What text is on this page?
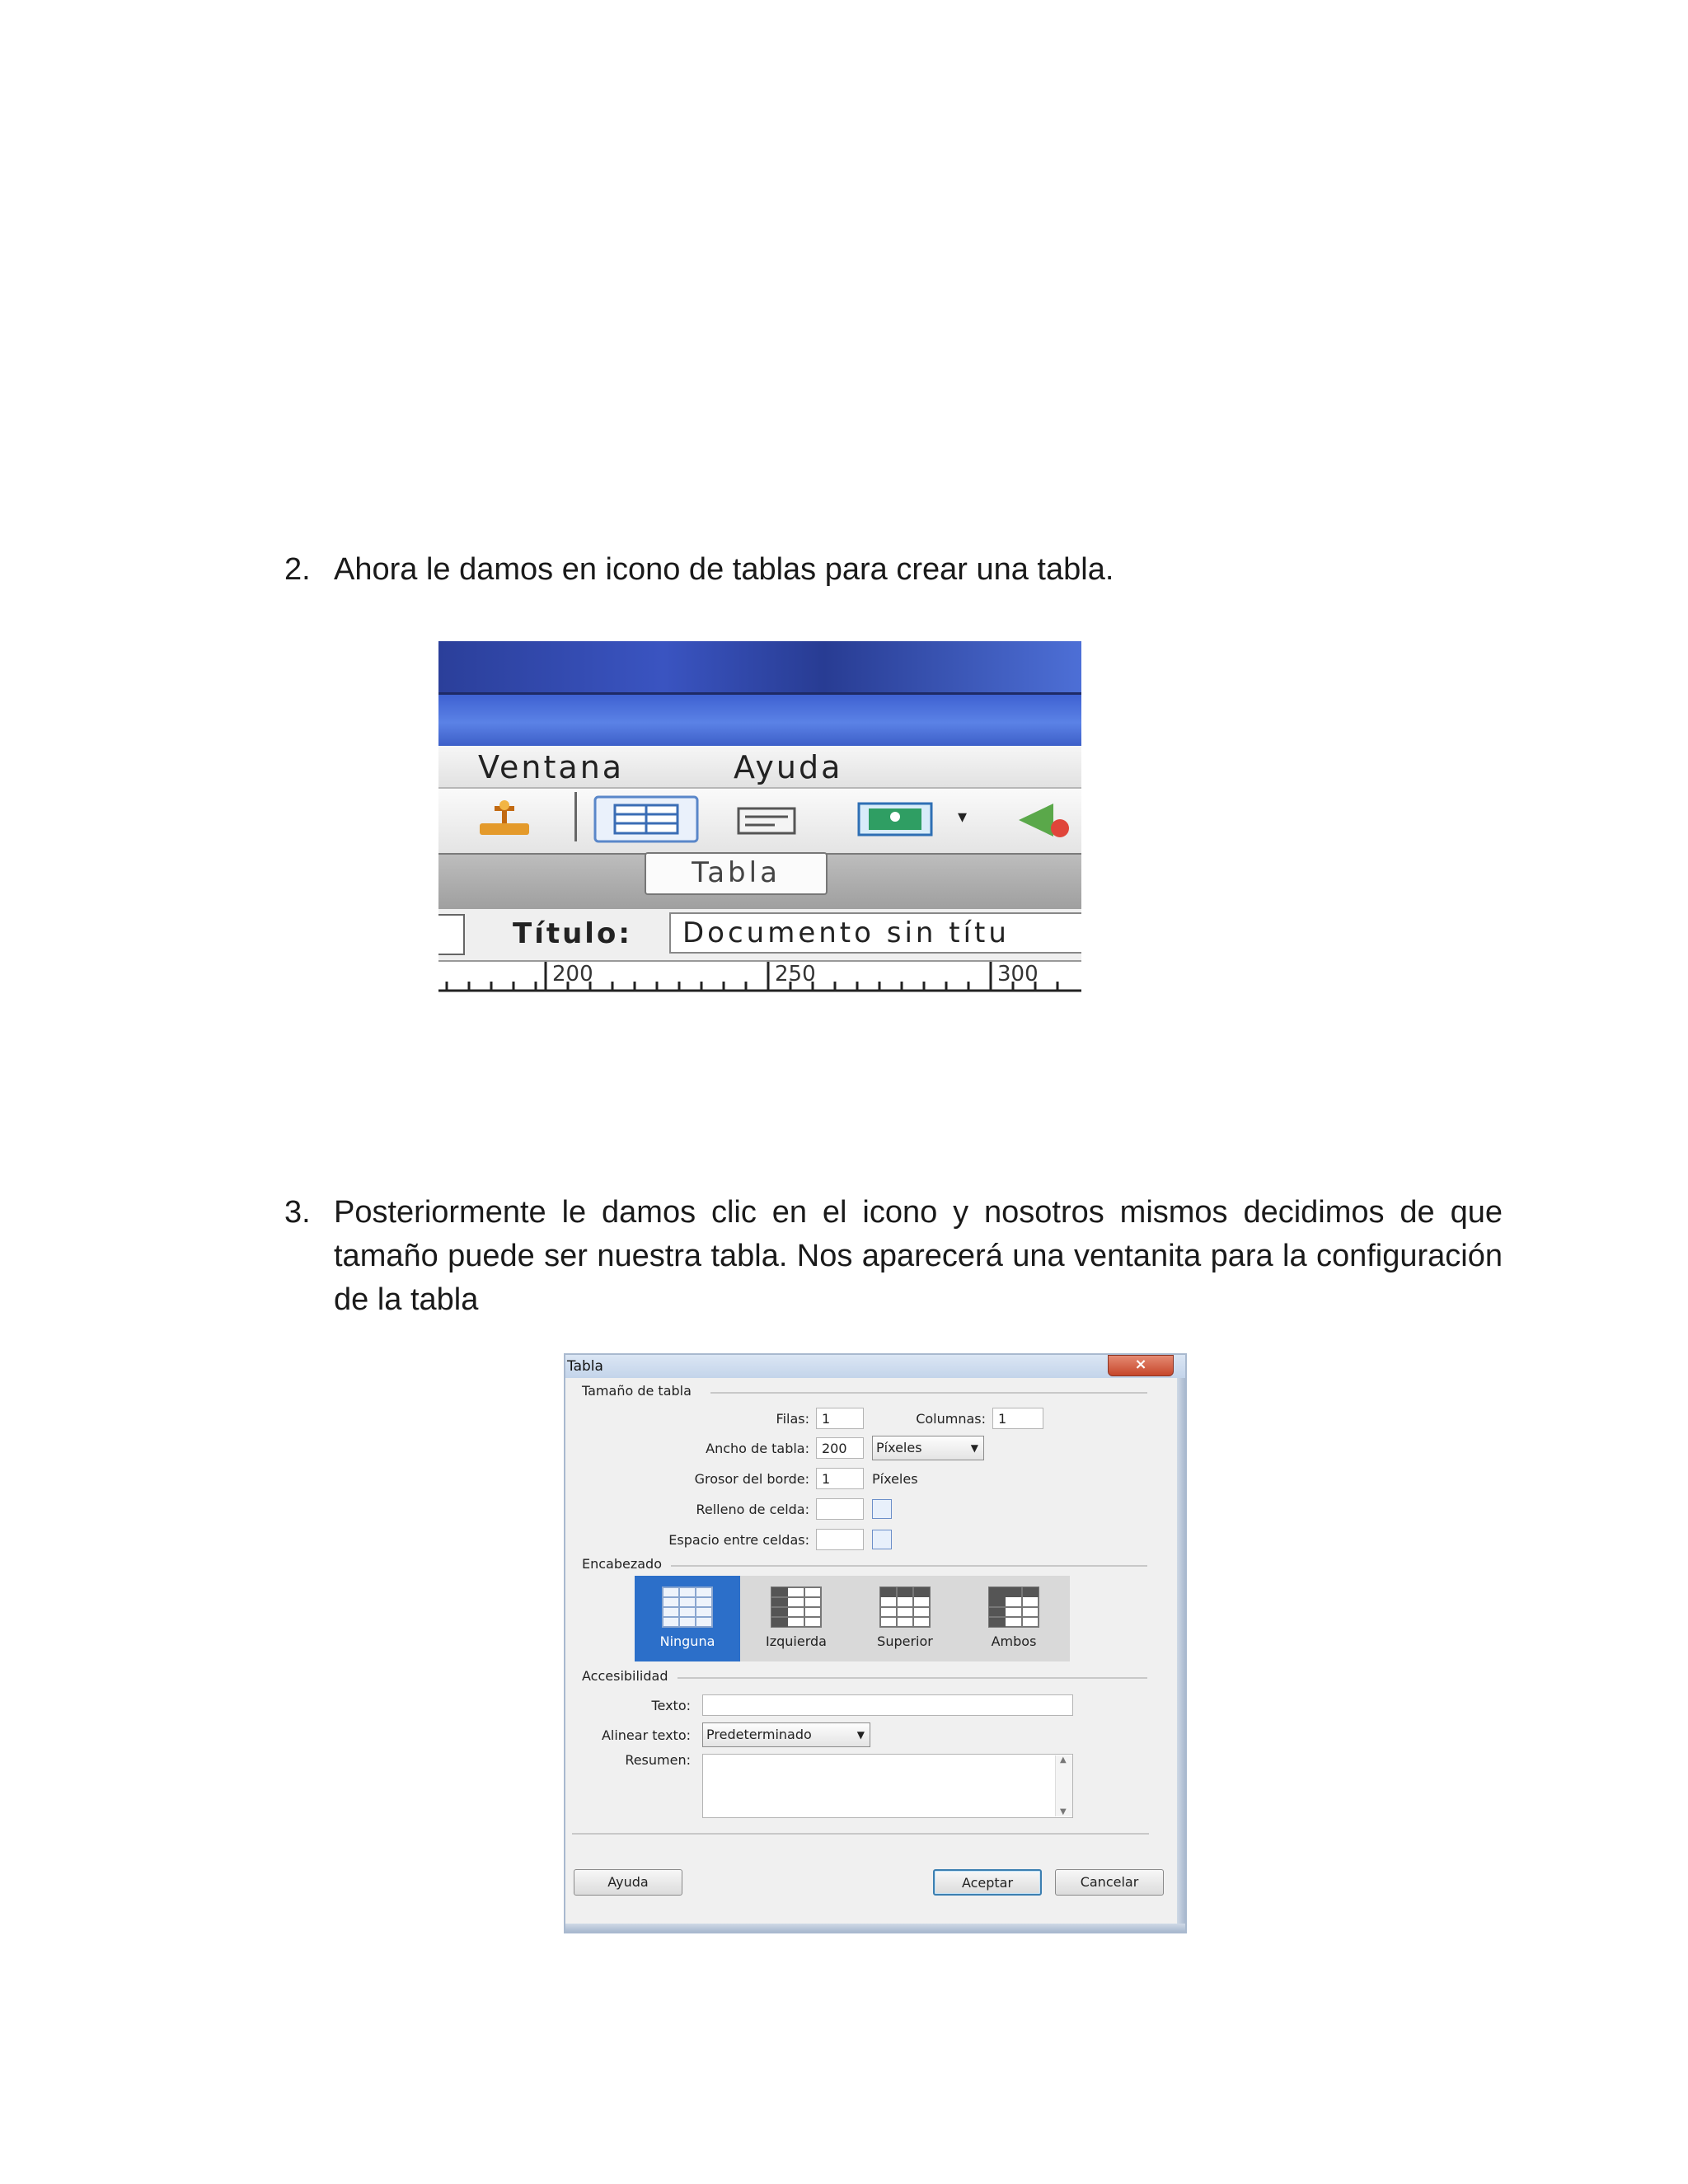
2. Ahora le damos en icono de tablas para crear una tabla.
Ventana	Ayuda
▾
Tabla
Título:	Documento sin títu
200	250	300
3. Posteriormente le damos clic en el icono y nosotros mismos decidimos de que tamaño puede ser nuestra tabla. Nos aparecerá una ventanita para la configuración de la tabla
Tabla	×
Tamaño de tabla
Filas: 1	Columnas: 1
Ancho de tabla: 200	Píxeles	▼
Grosor del borde: 1	Píxeles
Relleno de celda:
Espacio entre celdas:
Encabezado
Ninguna	Izquierda	Superior	Ambos
Accesibilidad
Texto:
Alinear texto:	Predeterminado	▼
Resumen:	▲
▼
Ayuda	Aceptar	Cancelar
